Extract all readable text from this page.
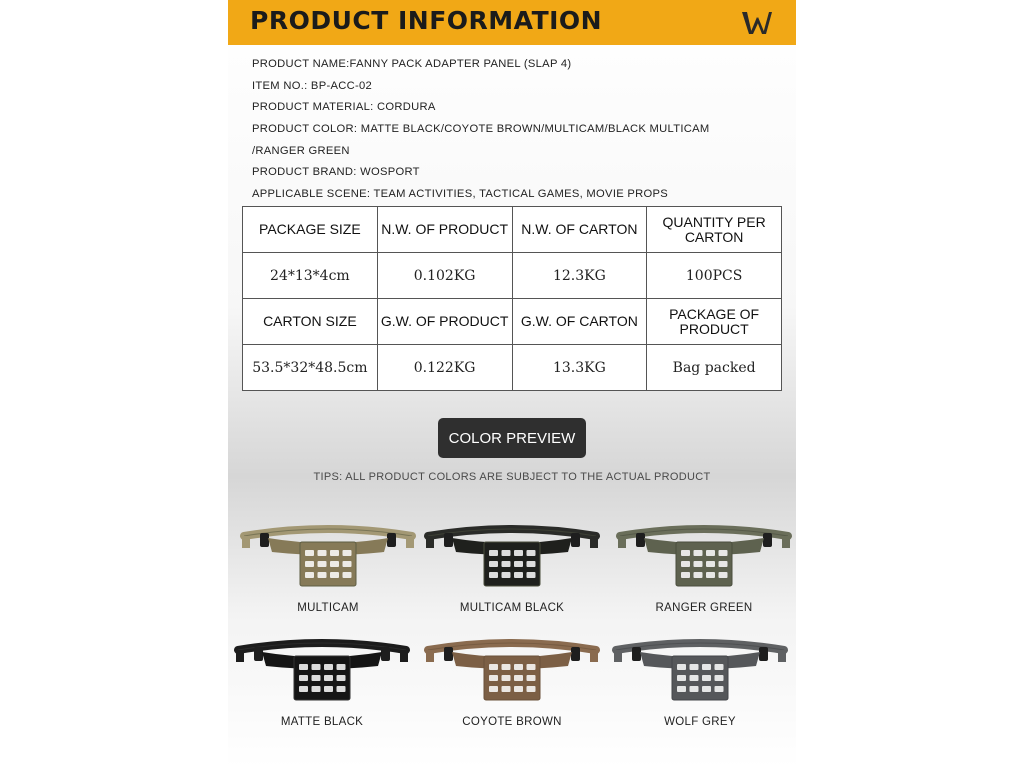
PRODUCT INFORMATION
PRODUCT NAME:FANNY PACK ADAPTER PANEL (SLAP 4)
ITEM NO.: BP-ACC-02
PRODUCT MATERIAL: CORDURA
PRODUCT COLOR: MATTE BLACK/COYOTE BROWN/MULTICAM/BLACK MULTICAM
/RANGER GREEN
PRODUCT BRAND: WOSPORT
APPLICABLE SCENE: TEAM ACTIVITIES, TACTICAL GAMES, MOVIE PROPS
PACKAGE SIZE	N.W. OF PRODUCT	N.W. OF CARTON	QUANTITY PER CARTON
24*13*4cm	0.102KG	12.3KG	100PCS
CARTON SIZE	G.W. OF PRODUCT	G.W. OF CARTON	PACKAGE OF PRODUCT
53.5*32*48.5cm	0.122KG	13.3KG	Bag packed
COLOR PREVIEW
TIPS: ALL PRODUCT COLORS ARE SUBJECT TO THE ACTUAL PRODUCT
MULTICAM	MULTICAM BLACK	RANGER GREEN
MATTE BLACK	COYOTE BROWN	WOLF GREY
